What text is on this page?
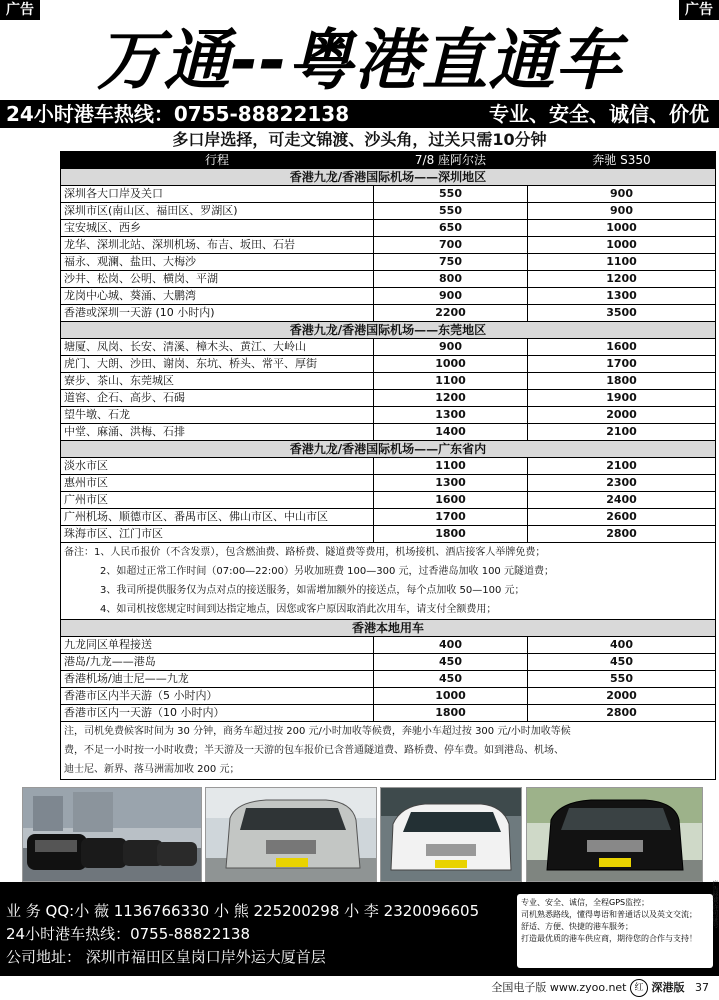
广告	广告
万通--粤港直通车
24小时港车热线：0755-88822138	专业、安全、诚信、价优
多口岸选择，可走文锦渡、沙头角，过关只需10分钟
行程	7/8 座阿尔法	奔驰 S350
香港九龙/香港国际机场——深圳地区		
深圳各大口岸及关口	550	900
深圳市区(南山区、福田区、罗湖区)	550	900
宝安城区、西乡	650	1000
龙华、深圳北站、深圳机场、布吉、坂田、石岩	700	1000
福永、观澜、盐田、大梅沙	750	1100
沙井、松岗、公明、横岗、平湖	800	1200
龙岗中心城、葵涌、大鹏湾	900	1300
香港或深圳一天游 (10 小时内)	2200	3500
香港九龙/香港国际机场——东莞地区		
塘厦、凤岗、长安、清溪、樟木头、黄江、大岭山	900	1600
虎门、大朗、沙田、谢岗、东坑、桥头、常平、厚街	1000	1700
寮步、茶山、东莞城区	1100	1800
道窖、企石、高步、石碣	1200	1900
望牛墩、石龙	1300	2000
中堂、麻涌、洪梅、石排	1400	2100
香港九龙/香港国际机场——广东省内		
淡水市区	1100	2100
惠州市区	1300	2300
广州市区	1600	2400
广州机场、顺德市区、番禺市区、佛山市区、中山市区	1700	2600
珠海市区、江门市区	1800	2800

备注：1、人民币报价（不含发票），包含燃油费、路桥费、隧道费等费用，机场接机、酒店接客人举牌免费；
2、如超过正常工作时间（07:00—22:00）另收加班费 100—300 元，过香港岛加收 100 元隧道费；
3、我司所提供服务仅为点对点的接送服务，如需增加额外的接送点，每个点加收 50—100 元；
4、如司机按您规定时间到达指定地点，因您或客户原因取消此次用车，请支付全额费用；		

香港本地用车		
九龙同区单程接送	400	400
港岛/九龙——港岛	450	450
香港机场/迪士尼——九龙	450	550
香港市区内半天游（5 小时内）	1000	2000
香港市区内一天游（10 小时内）	1800	2800

注，司机免费候客时间为 30 分钟，商务车超过按 200 元/小时加收等候费，奔驰小车超过按 300 元/小时加收等候
费，不足一小时按一小时收费；半天游及一天游的包车报价已含普通隧道费、路桥费、停车费。如到港岛、机场、
迪士尼、新界、落马洲需加收 200 元；		
业 务 QQ:小 薇 1136766330 小 熊 225200298 小 李 2320096605
24小时港车热线：0755-88822138
公司地址： 深圳市福田区皇岗口岸外运大厦首层
专业、安全、诚信，全程GPS监控；
司机熟悉路线，懂得粤语和普通话以及英文交流；
舒适、方便、快捷的港车服务；
打造最优质的港车供应商，期待您的合作与支持！
广告经营许可证号
全国电子版 www.zyoo.net 红 深港版 37
